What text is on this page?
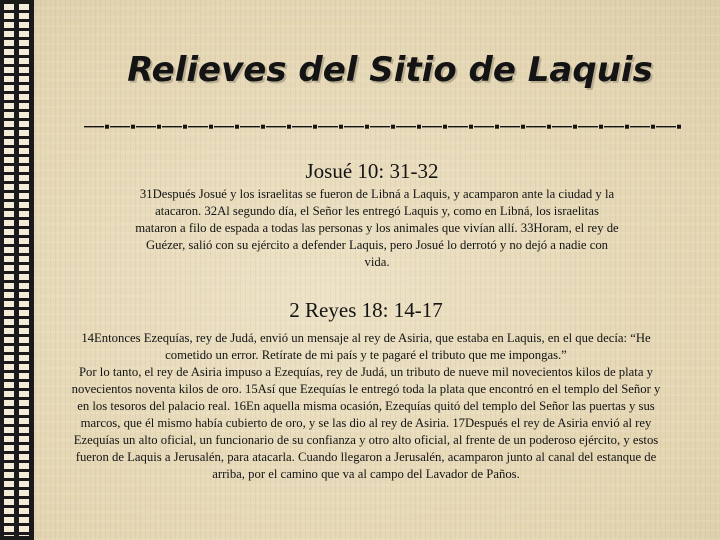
Relieves del Sitio de Laquis
Josué 10: 31-32

31Después Josué y los israelitas se fueron de Libná a Laquis, y acamparon ante la ciudad y la atacaron. 32Al segundo día, el Señor les entregó Laquis y, como en Libná, los israelitas mataron a filo de espada a todas las personas y los animales que vivían allí. 33Horam, el rey de Guézer, salió con su ejército a defender Laquis, pero Josué lo derrotó y no dejó a nadie con vida.

2 Reyes 18: 14-17

14Entonces Ezequías, rey de Judá, envió un mensaje al rey de Asiria, que estaba en Laquis, en el que decía: “He cometido un error. Retírate de mi país y te pagaré el tributo que me impongas.”

Por lo tanto, el rey de Asiria impuso a Ezequías, rey de Judá, un tributo de nueve mil novecientos kilos de plata y novecientos noventa kilos de oro. 15Así que Ezequías le entregó toda la plata que encontró en el templo del Señor y en los tesoros del palacio real. 16En aquella misma ocasión, Ezequías quitó del templo del Señor las puertas y sus marcos, que él mismo había cubierto de oro, y se las dio al rey de Asiria. 17Después el rey de Asiria envió al rey Ezequías un alto oficial, un funcionario de su confianza y otro alto oficial, al frente de un poderoso ejército, y estos fueron de Laquis a Jerusalén, para atacarla. Cuando llegaron a Jerusalén, acamparon junto al canal del estanque de arriba, por el camino que va al campo del Lavador de Paños.
